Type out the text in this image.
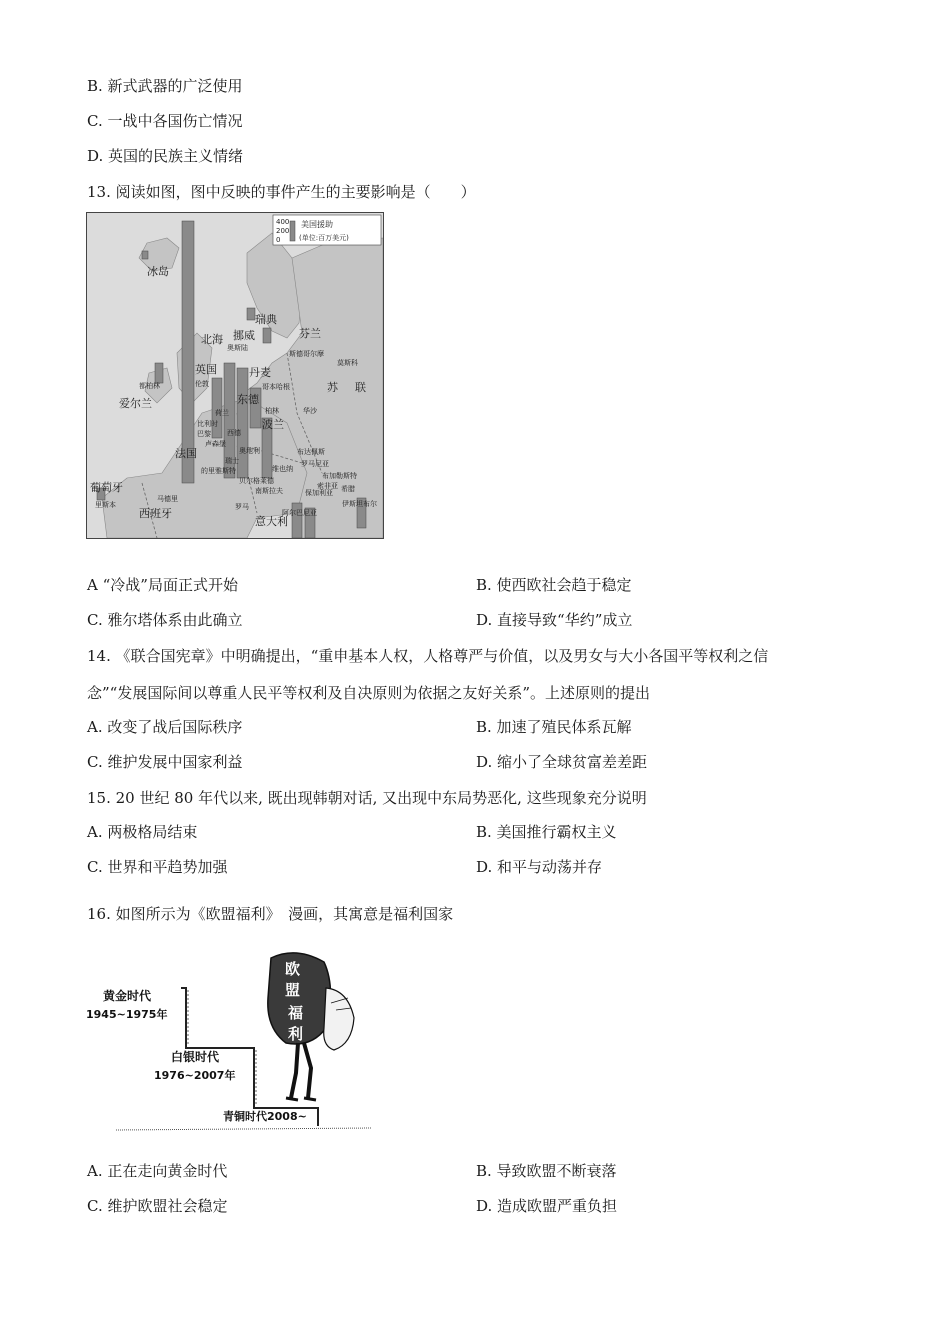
B. 新式武器的广泛使用
C. 一战中各国伤亡情况
D. 英国的民族主义情绪
13. 阅读如图，图中反映的事件产生的主要影响是（　　）
400
200
0
美国援助
(单位:百万美元)
冰岛
瑞典
挪威	芬兰
北海
英国	丹麦
爱尔兰	东德
苏 联
波兰
法国
葡萄牙
西班牙
意大利
奥斯陆
斯德哥尔摩
莫斯科
都柏林	伦敦	哥本哈根
柏林	华沙
荷兰
比利时
巴黎 西德
卢森堡
瑞士
的里雅斯特
奥地利	布达佩斯
罗马尼亚
南斯拉夫
贝尔格莱德
布加勒斯特
保加利亚
罗马
阿尔巴尼亚
伊斯坦布尔
希腊
马德里
里斯本
维也纳
索非亚
A “冷战”局面正式开始	B. 使西欧社会趋于稳定
C. 雅尔塔体系由此确立	D. 直接导致“华约”成立
14. 《联合国宪章》中明确提出，“重申基本人权，人格尊严与价值，以及男女与大小各国平等权利之信
念”“发展国际间以尊重人民平等权利及自决原则为依据之友好关系”。上述原则的提出
A. 改变了战后国际秩序	B. 加速了殖民体系瓦解
C. 维护发展中国家利益	D. 缩小了全球贫富差差距
15. 20 世纪 80 年代以来, 既出现韩朝对话, 又出现中东局势恶化, 这些现象充分说明
A. 两极格局结束	B. 美国推行霸权主义
C. 世界和平趋势加强	D. 和平与动荡并存
16. 如图所示为《欧盟福利》　漫画，其寓意是福利国家
黄金时代
1945~1975年
白银时代
1976~2007年
青铜时代2008~
欧
盟
福
利
A. 正在走向黄金时代	B. 导致欧盟不断衰落
C. 维护欧盟社会稳定	D. 造成欧盟严重负担
